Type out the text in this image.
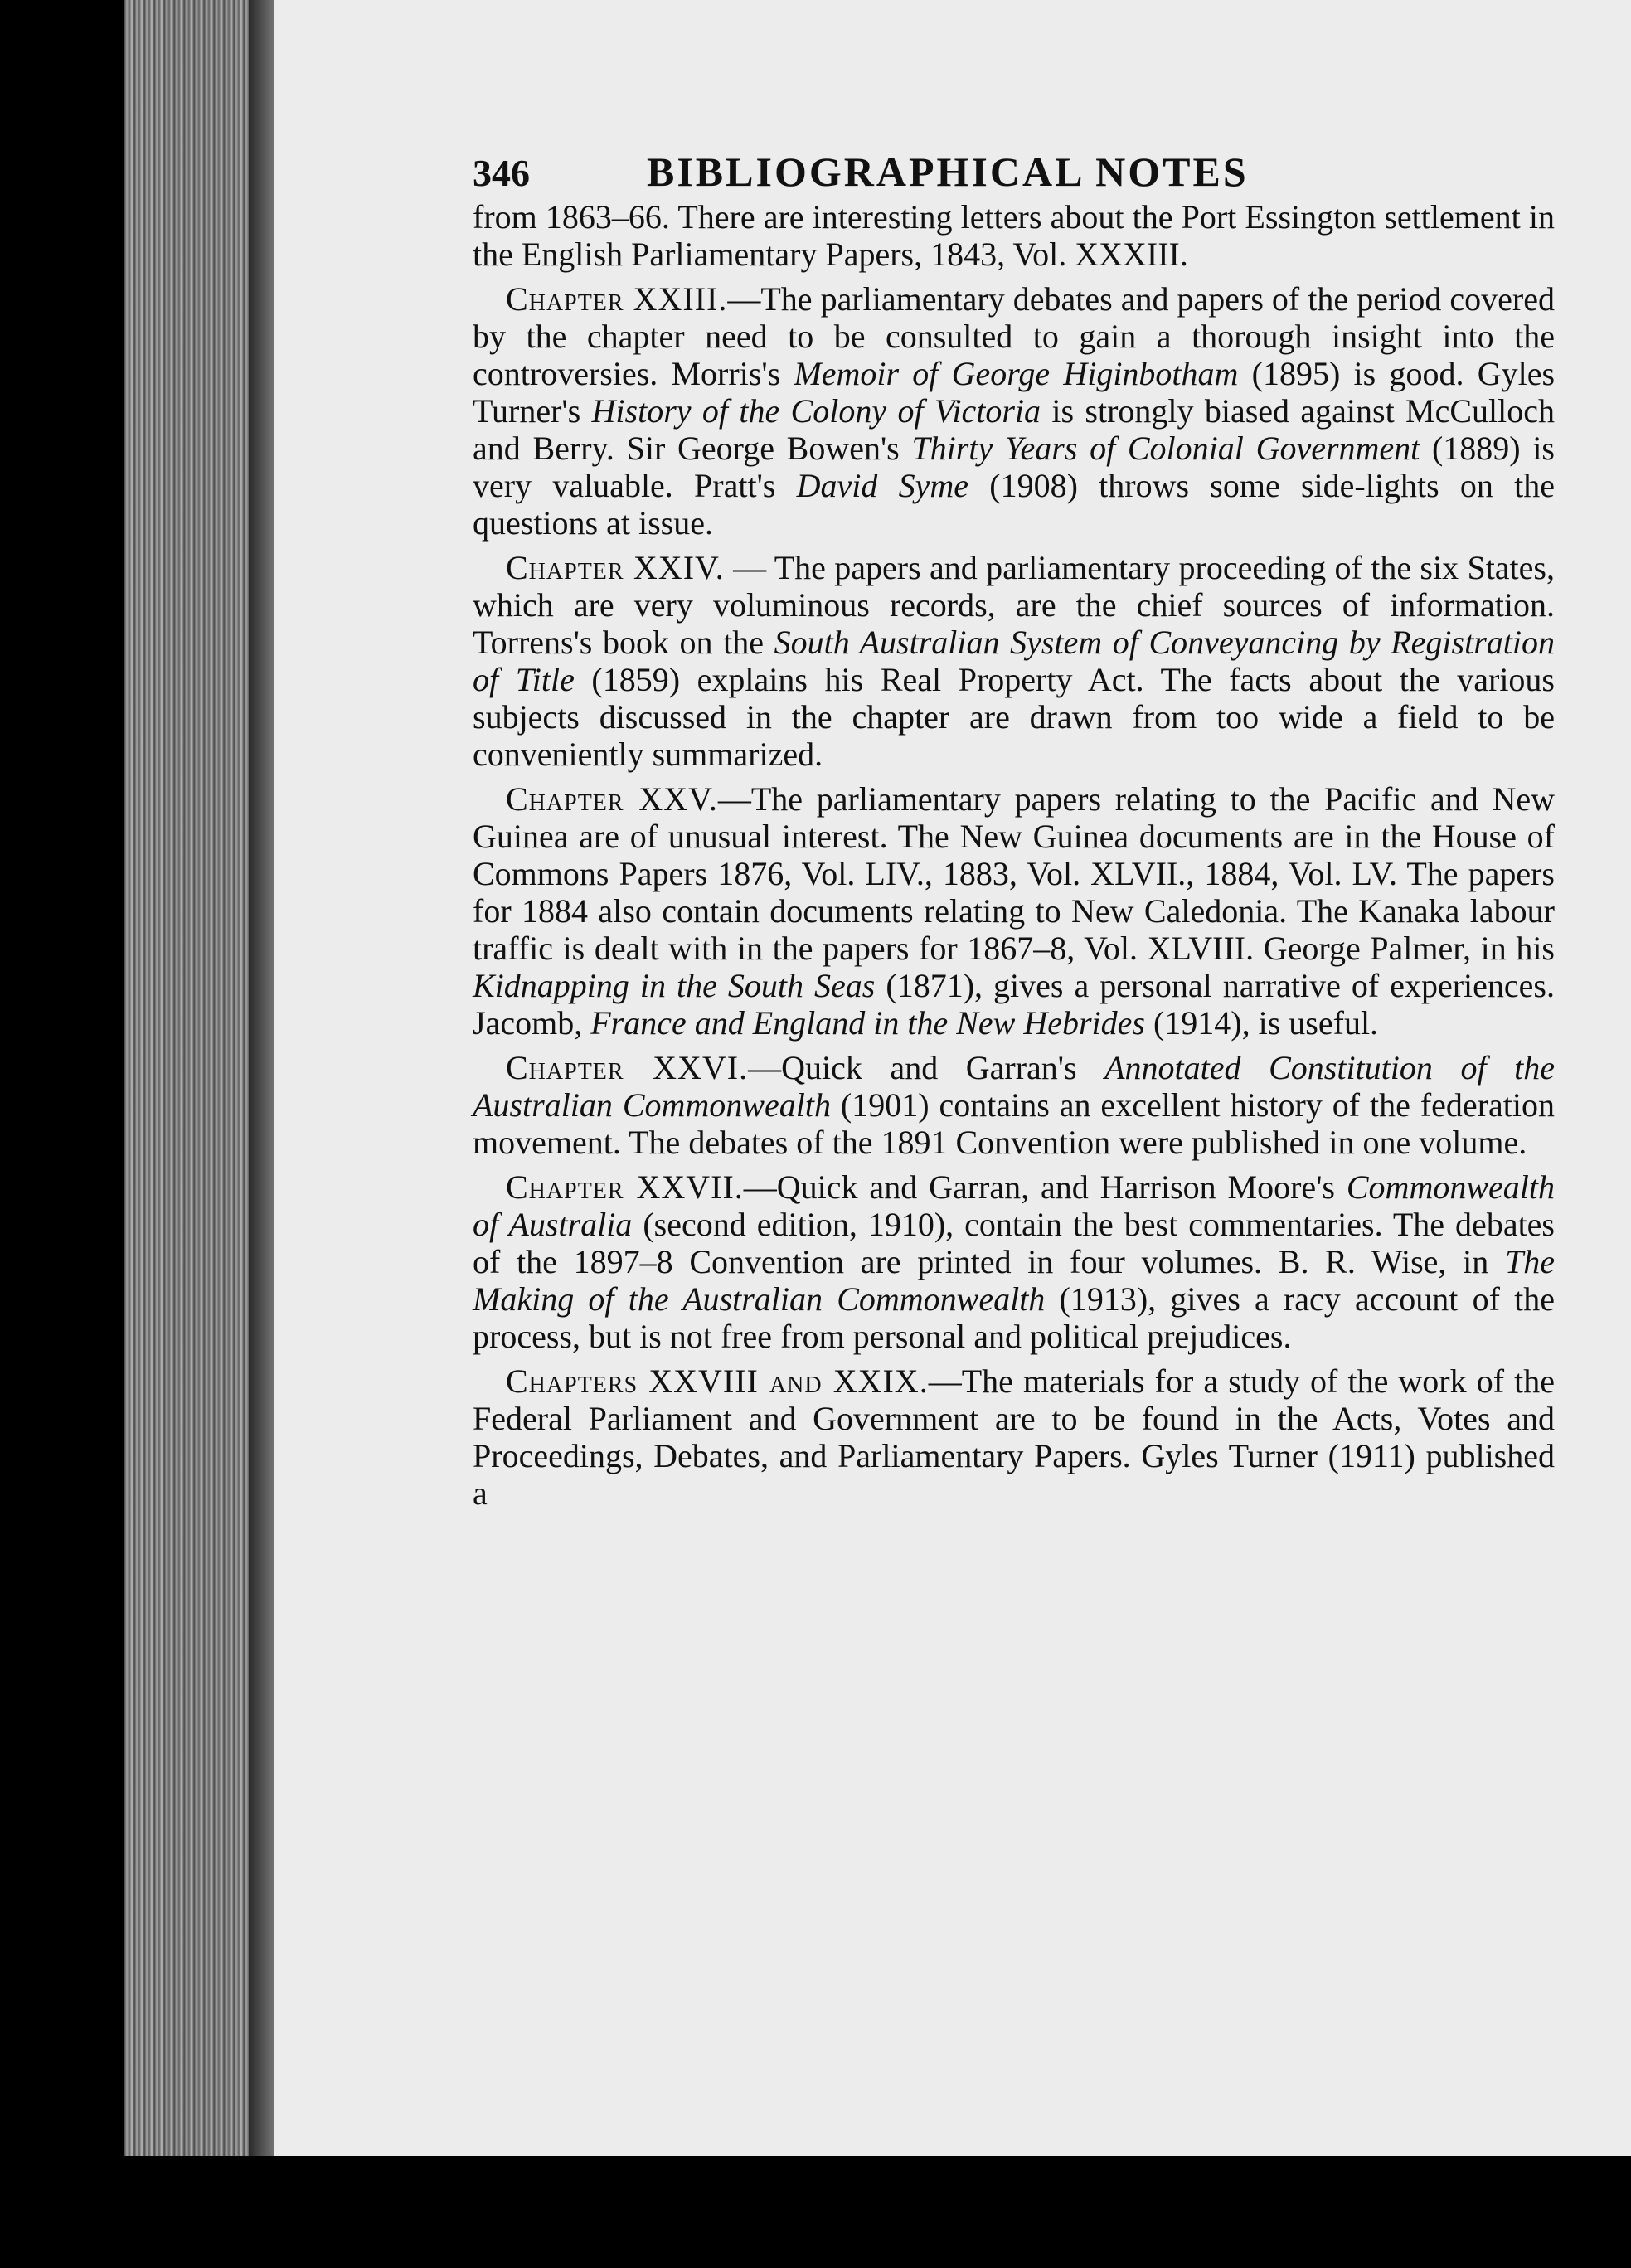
346	BIBLIOGRAPHICAL NOTES

from 1863–66. There are interesting letters about the Port Essington settlement in the English Parliamentary Papers, 1843, Vol. XXXIII.

Chapter XXIII.—The parliamentary debates and papers of the period covered by the chapter need to be consulted to gain a thorough insight into the controversies. Morris's Memoir of George Higinbotham (1895) is good. Gyles Turner's History of the Colony of Victoria is strongly biased against McCulloch and Berry. Sir George Bowen's Thirty Years of Colonial Government (1889) is very valuable. Pratt's David Syme (1908) throws some side-lights on the questions at issue.

Chapter XXIV. — The papers and parliamentary proceeding of the six States, which are very voluminous records, are the chief sources of information. Torrens's book on the South Australian System of Conveyancing by Registration of Title (1859) explains his Real Property Act. The facts about the various subjects discussed in the chapter are drawn from too wide a field to be conveniently summarized.

Chapter XXV.—The parliamentary papers relating to the Pacific and New Guinea are of unusual interest. The New Guinea documents are in the House of Commons Papers 1876, Vol. LIV., 1883, Vol. XLVII., 1884, Vol. LV. The papers for 1884 also contain documents relating to New Caledonia. The Kanaka labour traffic is dealt with in the papers for 1867–8, Vol. XLVIII. George Palmer, in his Kidnapping in the South Seas (1871), gives a personal narrative of experiences. Jacomb, France and England in the New Hebrides (1914), is useful.

Chapter XXVI.—Quick and Garran's Annotated Constitution of the Australian Commonwealth (1901) contains an excellent history of the federation movement. The debates of the 1891 Convention were published in one volume.

Chapter XXVII.—Quick and Garran, and Harrison Moore's Commonwealth of Australia (second edition, 1910), contain the best commentaries. The debates of the 1897–8 Convention are printed in four volumes. B. R. Wise, in The Making of the Australian Commonwealth (1913), gives a racy account of the process, but is not free from personal and political prejudices.

Chapters XXVIII and XXIX.—The materials for a study of the work of the Federal Parliament and Government are to be found in the Acts, Votes and Proceedings, Debates, and Parliamentary Papers. Gyles Turner (1911) published a
